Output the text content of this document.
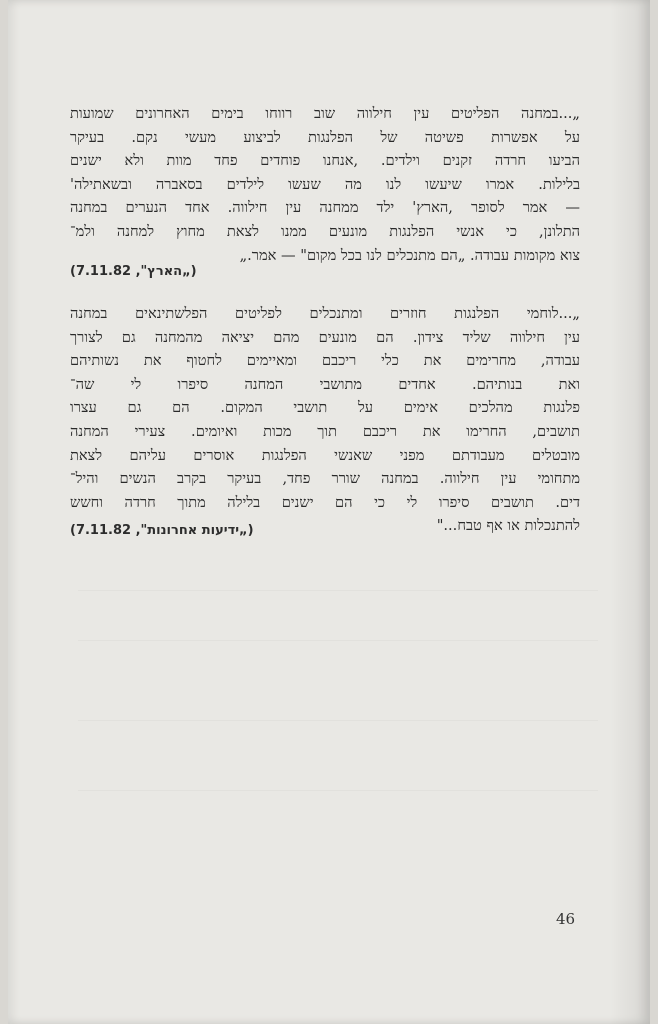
„...במחנה הפליטים עין חילווה שוב רווחו בימים האחרונים שמועות
על אפשרות פשיטה של הפלנגות לביצוע מעשי נקם. בעיקר
הביעו חרדה זקנים וילדים. ,אנחנו פוחדים פחד מוות ולא ישנים
בלילות. אמרו שיעשו לנו מה שעשו לילדים בסאברה ובשאתילה'
— אמר לסופר ,הארץ' ילד ממחנה עין חילווה. אחד הנערים במחנה
התלונן, כי אנשי הפלנגות מונעים ממנו לצאת מחוץ למחנה ולמ־
צוא מקומות עבודה. „הם מתנכלים לנו בכל מקום" — אמר.„
(„הארץ", 7.11.82)
„...לוחמי הפלנגות חוזרים ומתנכלים לפליטים הפלשתינאים במחנה
עין חילווה שליד צידון. הם מונעים מהם יציאה מהמחנה גם לצורך
עבודה, מחרימים את כלי ריכבם ומאיימים לחטוף את נשותיהם
ואת בנותיהם. אחדים מתושבי המחנה סיפרו לי שה־
פלנגות מהלכים אימים על תושבי המקום. הם גם עצרו
תושבים, החרימו את ריכבם תוך מכות ואיומים. צעירי המחנה
מובטלים מעבודתם מפני שאנשי הפלנגות אוסרים עליהם לצאת
מתחומי עין חילווה. במחנה שורר פחד, בעיקר בקרב הנשים והיל־
דים. תושבים סיפרו לי כי הם ישנים בלילה מתוך חרדה וחשש
להתנכלות או אף טבח..."
(„ידיעות אחרונות", 7.11.82)
46
